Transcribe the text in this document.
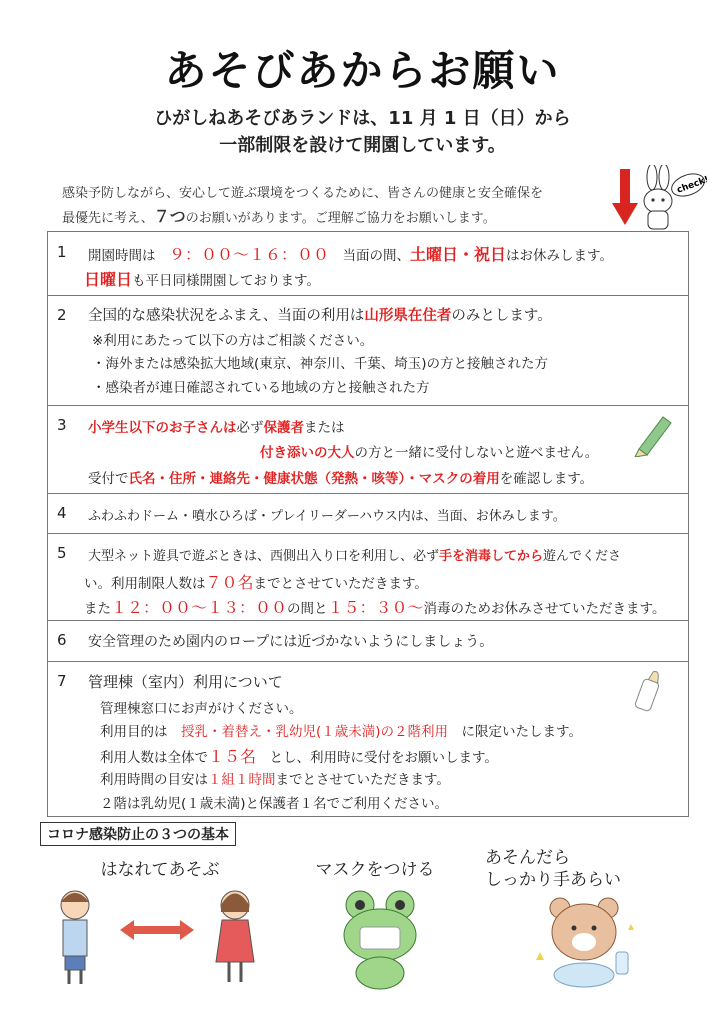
あそびあからお願い
ひがしねあそびあランドは、11 月 1 日（日）から
一部制限を設けて開園しています。
感染予防しながら、安心して遊ぶ環境をつくるために、皆さんの健康と安全確保を
最優先に考え、７つのお願いがあります。ご理解ご協力をお願いします。
check!
1 開園時間は　９：００～１６：００　当面の間、土曜日・祝日はお休みします。
日曜日も平日同様開園しております。
2 全国的な感染状況をふまえ、当面の利用は山形県在住者のみとします。
※利用にあたって以下の方はご相談ください。
・海外または感染拡大地域(東京、神奈川、千葉、埼玉)の方と接触された方
・感染者が連日確認されている地域の方と接触された方
3 小学生以下のお子さんは必ず保護者または
付き添いの大人の方と一緒に受付しないと遊べません。
受付で氏名・住所・連絡先・健康状態（発熱・咳等）・マスクの着用を確認します。
4 ふわふわドーム・噴水ひろば・プレイリーダーハウス内は、当面、お休みします。
5 大型ネット遊具で遊ぶときは、西側出入り口を利用し、必ず手を消毒してから遊んでくださ
い。利用制限人数は７０名までとさせていただきます。
また１２：００～１３：００の間と１５：３０～消毒のためお休みさせていただきます。
6 安全管理のため園内のロープには近づかないようにしましょう。
7 管理棟（室内）利用について
管理棟窓口にお声がけください。
利用目的は　授乳・着替え・乳幼児(１歳未満)の２階利用　に限定いたします。
利用人数は全体で１５名　とし、利用時に受付をお願いします。
利用時間の目安は１組１時間までとさせていただきます。
２階は乳幼児(１歳未満)と保護者１名でご利用ください。
コロナ感染防止の３つの基本
はなれてあそぶ	マスクをつける
あそんだら
しっかり手あらい
